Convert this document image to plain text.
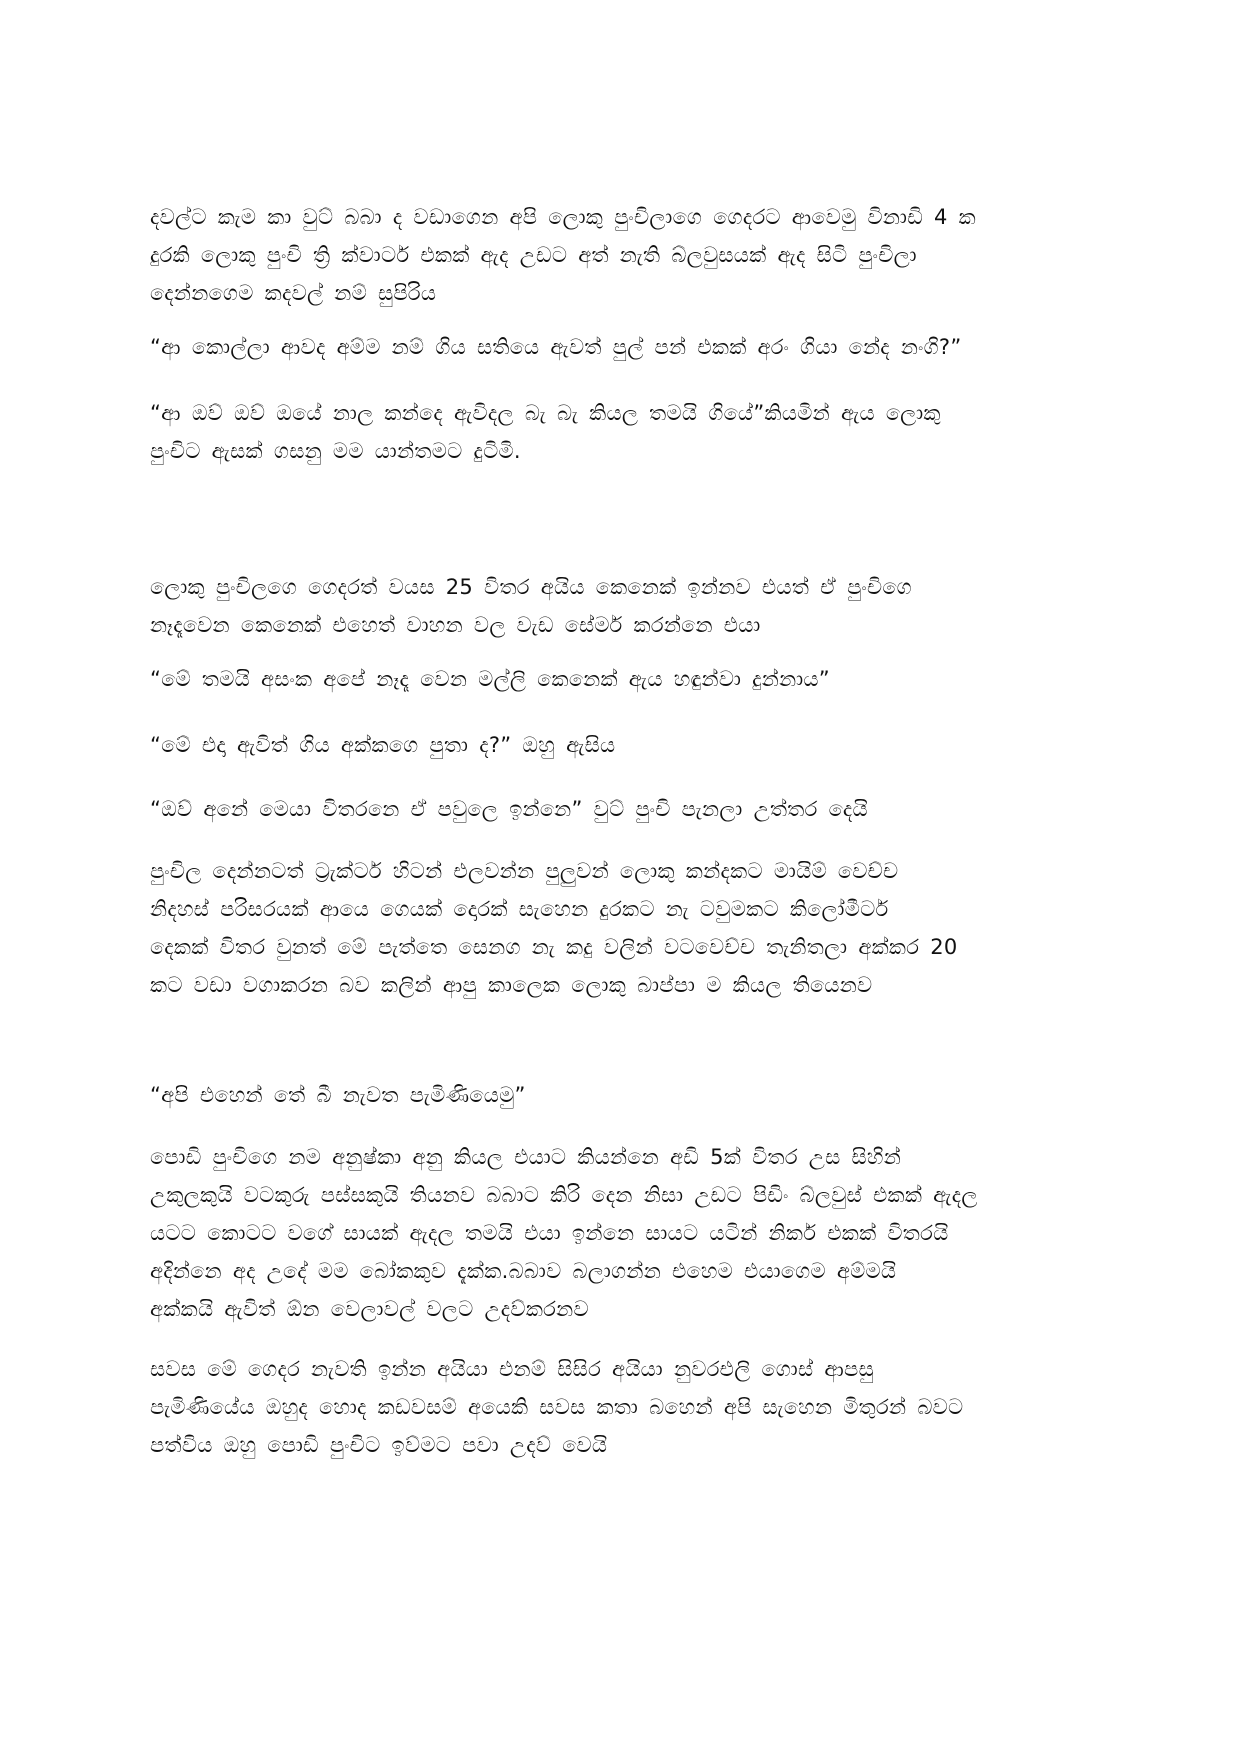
දවල්ට කැම කා වුට් බබා ද වඩාගෙන අපි ලොකු පුංචිලාගෙ ගෙදරට ආවෙමු විනාඩි 4 ක
දුරකි ලොකු පුංචි ත්‍රි ක්වාටර් එකක් ඇද උඩට අත් නැති බ්ලවුසයක් ඇද සිටි පුංචිලා
දෙන්නගෙම කදවල් නම් සුපිරිය
“ආ කොල්ලා ආවද අම්ම නම් ගිය සතියෙ ඇවත් පුල් පන් එකක් අරං ගියා නේද නංගි?”
“ආ ඔව් ඔව් ඔයේ නාල කන්දෙ ඇවිදල බැ බැ කියල තමයි ගියේ”කියමින් ඇය ලොකු
පුංචිට ඇසක් ගසනු මම යාන්තමට දුටිමි.
ලොකු පුංචිලගෙ ගෙදරත් වයස 25 විතර අයිය කෙනෙක් ඉන්නව එයත් ඒ පුංචිගෙ
නෑදෑවෙන කෙනෙක් එහෙත් වාහන වල වැඩ සේර්ම කරන්නෙ එයා
“මේ තමයි අසංක අපේ නෑදෑ වෙන මල්ලි කෙනෙක් ඇය හඳුන්වා දුන්නාය”
“මේ එදා ඇවිත් ගිය අක්කගෙ පුතා ද?” ඔහු ඇසිය
“ඔව් අනේ මෙයා විතරනෙ ඒ පවුලෙ ඉන්නෙ” වුට් පුංචි පැනලා උත්තර දෙයි
පුංචිල දෙන්නටත් ට්‍රැක්ටර් හිටන් එලවන්න පුලුවන් ලොකු කන්දකට මායිම් වෙච්ච
නිදහස් පරිසරයක් ආයෙ ගෙයක් දොරක් සැහෙන දුරකට නැ ටවුමකට කිලෝමීටර්
දෙකක් විතර වුනත් මේ පැත්තෙ සෙනග නැ කදු වලින් වටවෙච්ච තැනිතලා අක්කර 20
කට වඩා වගාකරන බව කලින් ආපු කාලෙක ලොකු බාප්පා ම කියල තියෙනව
“අපි එහෙන් තේ බී නැවත පැමිණියෙමු”
පොඩි පුංචිගෙ නම අනුෂ්කා අනු කියල එයාට කියන්නෙ අඩි 5ක් විතර උස සිහින්
උකුලකුයි වටකුරු පස්සකුයි තියනව බබාට කිරි දෙන නිසා උඩට පිඩිං බ්ලවුස් එකක් ඇදල
යටට කොටට වගේ සායක් ඇදල තමයි එයා ඉන්නෙ සායට යටින් නිකර් එකක් විතරයි
අදින්නෙ අද උදේ මම බෝකකුව දැක්ක.බබාව බලාගන්න එහෙම එයාගෙම අම්මයි
අක්කයි ඇවිත් ඕන වෙලාවල් වලට උදව්කරනව
සවස මේ ගෙදර නැවති ඉන්න අයියා එනම් සිසිර අයියා නුවරඑලි ගොස් ආපසු
පැමිණියේය ඔහුද හොද කඩවසම් අයෙකි සවස කතා බහෙන් අපි සැහෙන මිතුරන් බවට
පත්විය ඔහු පොඩි පුංචිට ඉව්මට පවා උදව් වෙයි
